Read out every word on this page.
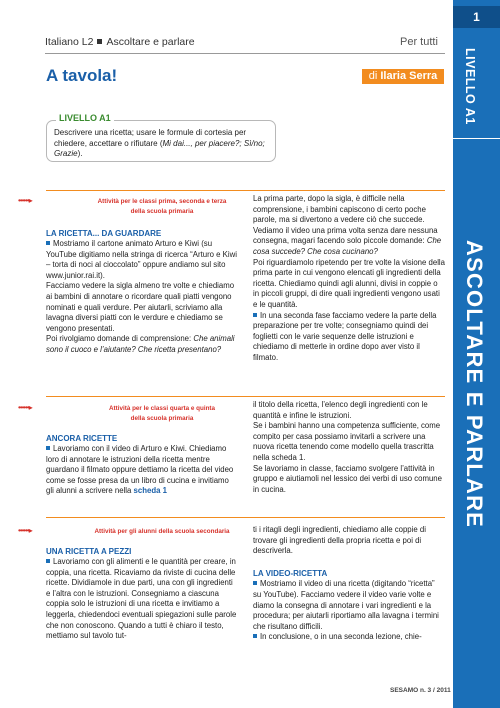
Italiano L2 Ascoltare e parlare	Per tutti
1
LIVELLO A1
ASCOLTARE E PARLARE
A tavola!	di Ilaria Serra
LIVELLO A1
Descrivere una ricetta; usare le formule di cortesia per chiedere, accettare o rifiutare (Mi dai..., per piacere?; Sì/no; Grazie).
••••••▸	Attività per le classi prima, seconda e terza
della scuola primaria
LA RICETTA... DA GUARDARE

Mostriamo il cartone animato Arturo e Kiwi (su YouTube digitiamo nella stringa di ricerca “Arturo e Kiwi – torta di noci al cioccolato” oppure andiamo sul sito www.junior.rai.it).

Facciamo vedere la sigla almeno tre volte e chiediamo ai bambini di annotare o ricordare quali piatti vengono nominati e quali verdure. Per aiutarli, scriviamo alla lavagna diversi piatti con le verdure e chiediamo se vengono presentati.

Poi rivolgiamo domande di comprensione: Che animali sono il cuoco e l’aiutante? Che ricetta presentano?

La prima parte, dopo la sigla, è difficile nella comprensione, i bambini capiscono di certo poche parole, ma si divertono a vedere ciò che succede.

Vediamo il video una prima volta senza dare nessuna consegna, magari facendo solo piccole domande: Che cosa succede? Che cosa cucinano?

Poi riguardiamolo ripetendo per tre volte la visione della prima parte in cui vengono elencati gli ingredienti della ricetta. Chiediamo quindi agli alunni, divisi in coppie o in piccoli gruppi, di dire quali ingredienti vengono usati e le quantità.

In una seconda fase facciamo vedere la parte della preparazione per tre volte; consegniamo quindi dei foglietti con le varie sequenze delle istruzioni e chiediamo di metterle in ordine dopo aver visto il filmato.

••••••▸	Attività per le classi quarta e quinta
della scuola primaria
ANCORA RICETTE

Lavoriamo con il video di Arturo e Kiwi. Chiediamo loro di annotare le istruzioni della ricetta mentre guardano il filmato oppure dettiamo la ricetta del video come se fosse presa da un libro di cucina e invitiamo gli alunni a scrivere nella scheda 1

il titolo della ricetta, l’elenco degli ingredienti con le quantità e infine le istruzioni.

Se i bambini hanno una competenza sufficiente, come compito per casa possiamo invitarli a scrivere una nuova ricetta tenendo come modello quella trascritta nella scheda 1.

Se lavoriamo in classe, facciamo svolgere l’attività in gruppo e aiutiamoli nel lessico dei verbi di uso comune in cucina.

••••••▸	Attività per gli alunni della scuola secondaria
UNA RICETTA A PEZZI

Lavoriamo con gli alimenti e le quantità per creare, in coppia, una ricetta. Ricaviamo da riviste di cucina delle ricette. Dividiamole in due parti, una con gli ingredienti e l’altra con le istruzioni. Consegniamo a ciascuna coppia solo le istruzioni di una ricetta e invitiamo a leggerla, chiedendoci eventuali spiegazioni sulle parole che non conoscono. Quando a tutti è chiaro il testo, mettiamo sul tavolo tut-

ti i ritagli degli ingredienti, chiediamo alle coppie di trovare gli ingredienti della propria ricetta e poi di descriverla.

LA VIDEO-RICETTA

Mostriamo il video di una ricetta (digitando “ricetta” su YouTube). Facciamo vedere il video varie volte e diamo la consegna di annotare i vari ingredienti e la procedura; per aiutarli riportiamo alla lavagna i termini che risultano difficili.

In conclusione, o in una seconda lezione, chie-

SESAMO n. 3 / 2011
